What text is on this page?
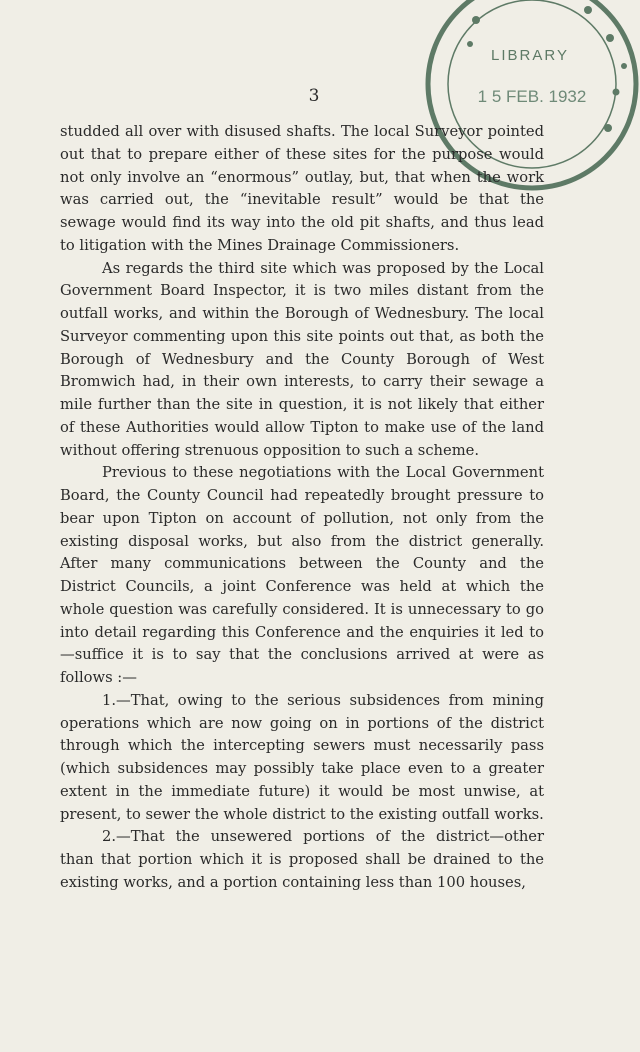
3
LIBRARY
1 5 FEB. 1932

studded all over with disused shafts. The local Surveyor pointed out that to prepare either of these sites for the purpose would not only involve an “enormous” outlay, but, that when the work was carried out, the “inevitable result” would be that the sewage would find its way into the old pit shafts, and thus lead to litigation with the Mines Drainage Commissioners.

As regards the third site which was proposed by the Local Government Board Inspector, it is two miles distant from the outfall works, and within the Borough of Wednesbury. The local Surveyor commenting upon this site points out that, as both the Borough of Wednesbury and the County Borough of West Bromwich had, in their own interests, to carry their sewage a mile further than the site in question, it is not likely that either of these Authorities would allow Tipton to make use of the land without offering strenuous opposition to such a scheme.

Previous to these negotiations with the Local Government Board, the County Council had repeatedly brought pressure to bear upon Tipton on account of pollution, not only from the existing disposal works, but also from the district generally. After many communications between the County and the District Councils, a joint Conference was held at which the whole question was carefully considered. It is unnecessary to go into detail regarding this Conference and the enquiries it led to—suffice it is to say that the conclusions arrived at were as follows :—

1.—That, owing to the serious subsidences from mining operations which are now going on in portions of the district through which the intercepting sewers must necessarily pass (which subsidences may possibly take place even to a greater extent in the immediate future) it would be most unwise, at present, to sewer the whole district to the existing outfall works.

2.—That the unsewered portions of the district—other than that portion which it is proposed shall be drained to the existing works, and a portion containing less than 100 houses,
